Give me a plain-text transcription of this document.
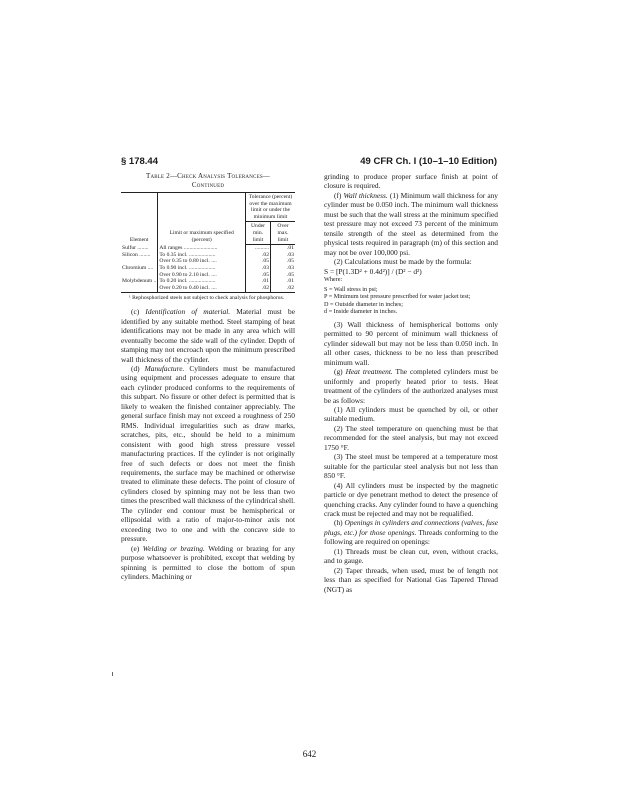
§ 178.44	49 CFR Ch. I (10–1–10 Edition)
Table 2—Check Analysis Tolerances—
Continued
Element	Limit or maximum specified (percent)	Tolerance (percent) over the maximum limit or under the minimum limit	
		Under min. limit	Over max. limit
Sulfur ........	All ranges ........................	..........	.01
Silicon ........	To 0.35 incl. ...................	.02	.03
	Over 0.35 to 0.80 incl. ....	.05	.05
Chromium ....	To 0.90 incl. ...................	.03	.03
	Over 0.90 to 2.10 incl. ....	.05	.05
Molybdenum ..	To 0.20 incl. ...................	.01	.01
	Over 0.20 to 0.40 incl. ....	.02	.02
¹ Rephosphorized steels not subject to check analysis for phosphorus.

(c) Identification of material. Material must be identified by any suitable method. Steel stamping of heat identifications may not be made in any area which will eventually become the side wall of the cylinder. Depth of stamping may not encroach upon the minimum prescribed wall thickness of the cylinder.

(d) Manufacture. Cylinders must be manufactured using equipment and processes adequate to ensure that each cylinder produced conforms to the requirements of this subpart. No fissure or other defect is permitted that is likely to weaken the finished container appreciably. The general surface finish may not exceed a roughness of 250 RMS. Individual irregularities such as draw marks, scratches, pits, etc., should be held to a minimum consistent with good high stress pressure vessel manufacturing practices. If the cylinder is not originally free of such defects or does not meet the finish requirements, the surface may be machined or otherwise treated to eliminate these defects. The point of closure of cylinders closed by spinning may not be less than two times the prescribed wall thickness of the cylindrical shell. The cylinder end contour must be hemispherical or ellipsoidal with a ratio of major-to-minor axis not exceeding two to one and with the concave side to pressure.

(e) Welding or brazing. Welding or brazing for any purpose whatsoever is prohibited, except that welding by spinning is permitted to close the bottom of spun cylinders. Machining or

grinding to produce proper surface finish at point of closure is required.

(f) Wall thickness. (1) Minimum wall thickness for any cylinder must be 0.050 inch. The minimum wall thickness must be such that the wall stress at the minimum specified test pressure may not exceed 73 percent of the minimum tensile strength of the steel as determined from the physical tests required in paragraph (m) of this section and may not be over 100,000 psi.

(2) Calculations must be made by the formula:

S = [P(1.3D² + 0.4d²)] / (D² − d²)

Where:
S = Wall stress in psi;
P = Minimum test pressure prescribed for water jacket test;
D = Outside diameter in inches;
d = Inside diameter in inches.

(3) Wall thickness of hemispherical bottoms only permitted to 90 percent of minimum wall thickness of cylinder sidewall but may not be less than 0.050 inch. In all other cases, thickness to be no less than prescribed minimum wall.

(g) Heat treatment. The completed cylinders must be uniformly and properly heated prior to tests. Heat treatment of the cylinders of the authorized analyses must be as follows:

(1) All cylinders must be quenched by oil, or other suitable medium.

(2) The steel temperature on quenching must be that recommended for the steel analysis, but may not exceed 1750 °F.

(3) The steel must be tempered at a temperature most suitable for the particular steel analysis but not less than 850 °F.

(4) All cylinders must be inspected by the magnetic particle or dye penetrant method to detect the presence of quenching cracks. Any cylinder found to have a quenching crack must be rejected and may not be requalified.

(h) Openings in cylinders and connections (valves, fuse plugs, etc.) for those openings. Threads conforming to the following are required on openings:

(1) Threads must be clean cut, even, without cracks, and to gauge.

(2) Taper threads, when used, must be of length not less than as specified for National Gas Tapered Thread (NGT) as

642
